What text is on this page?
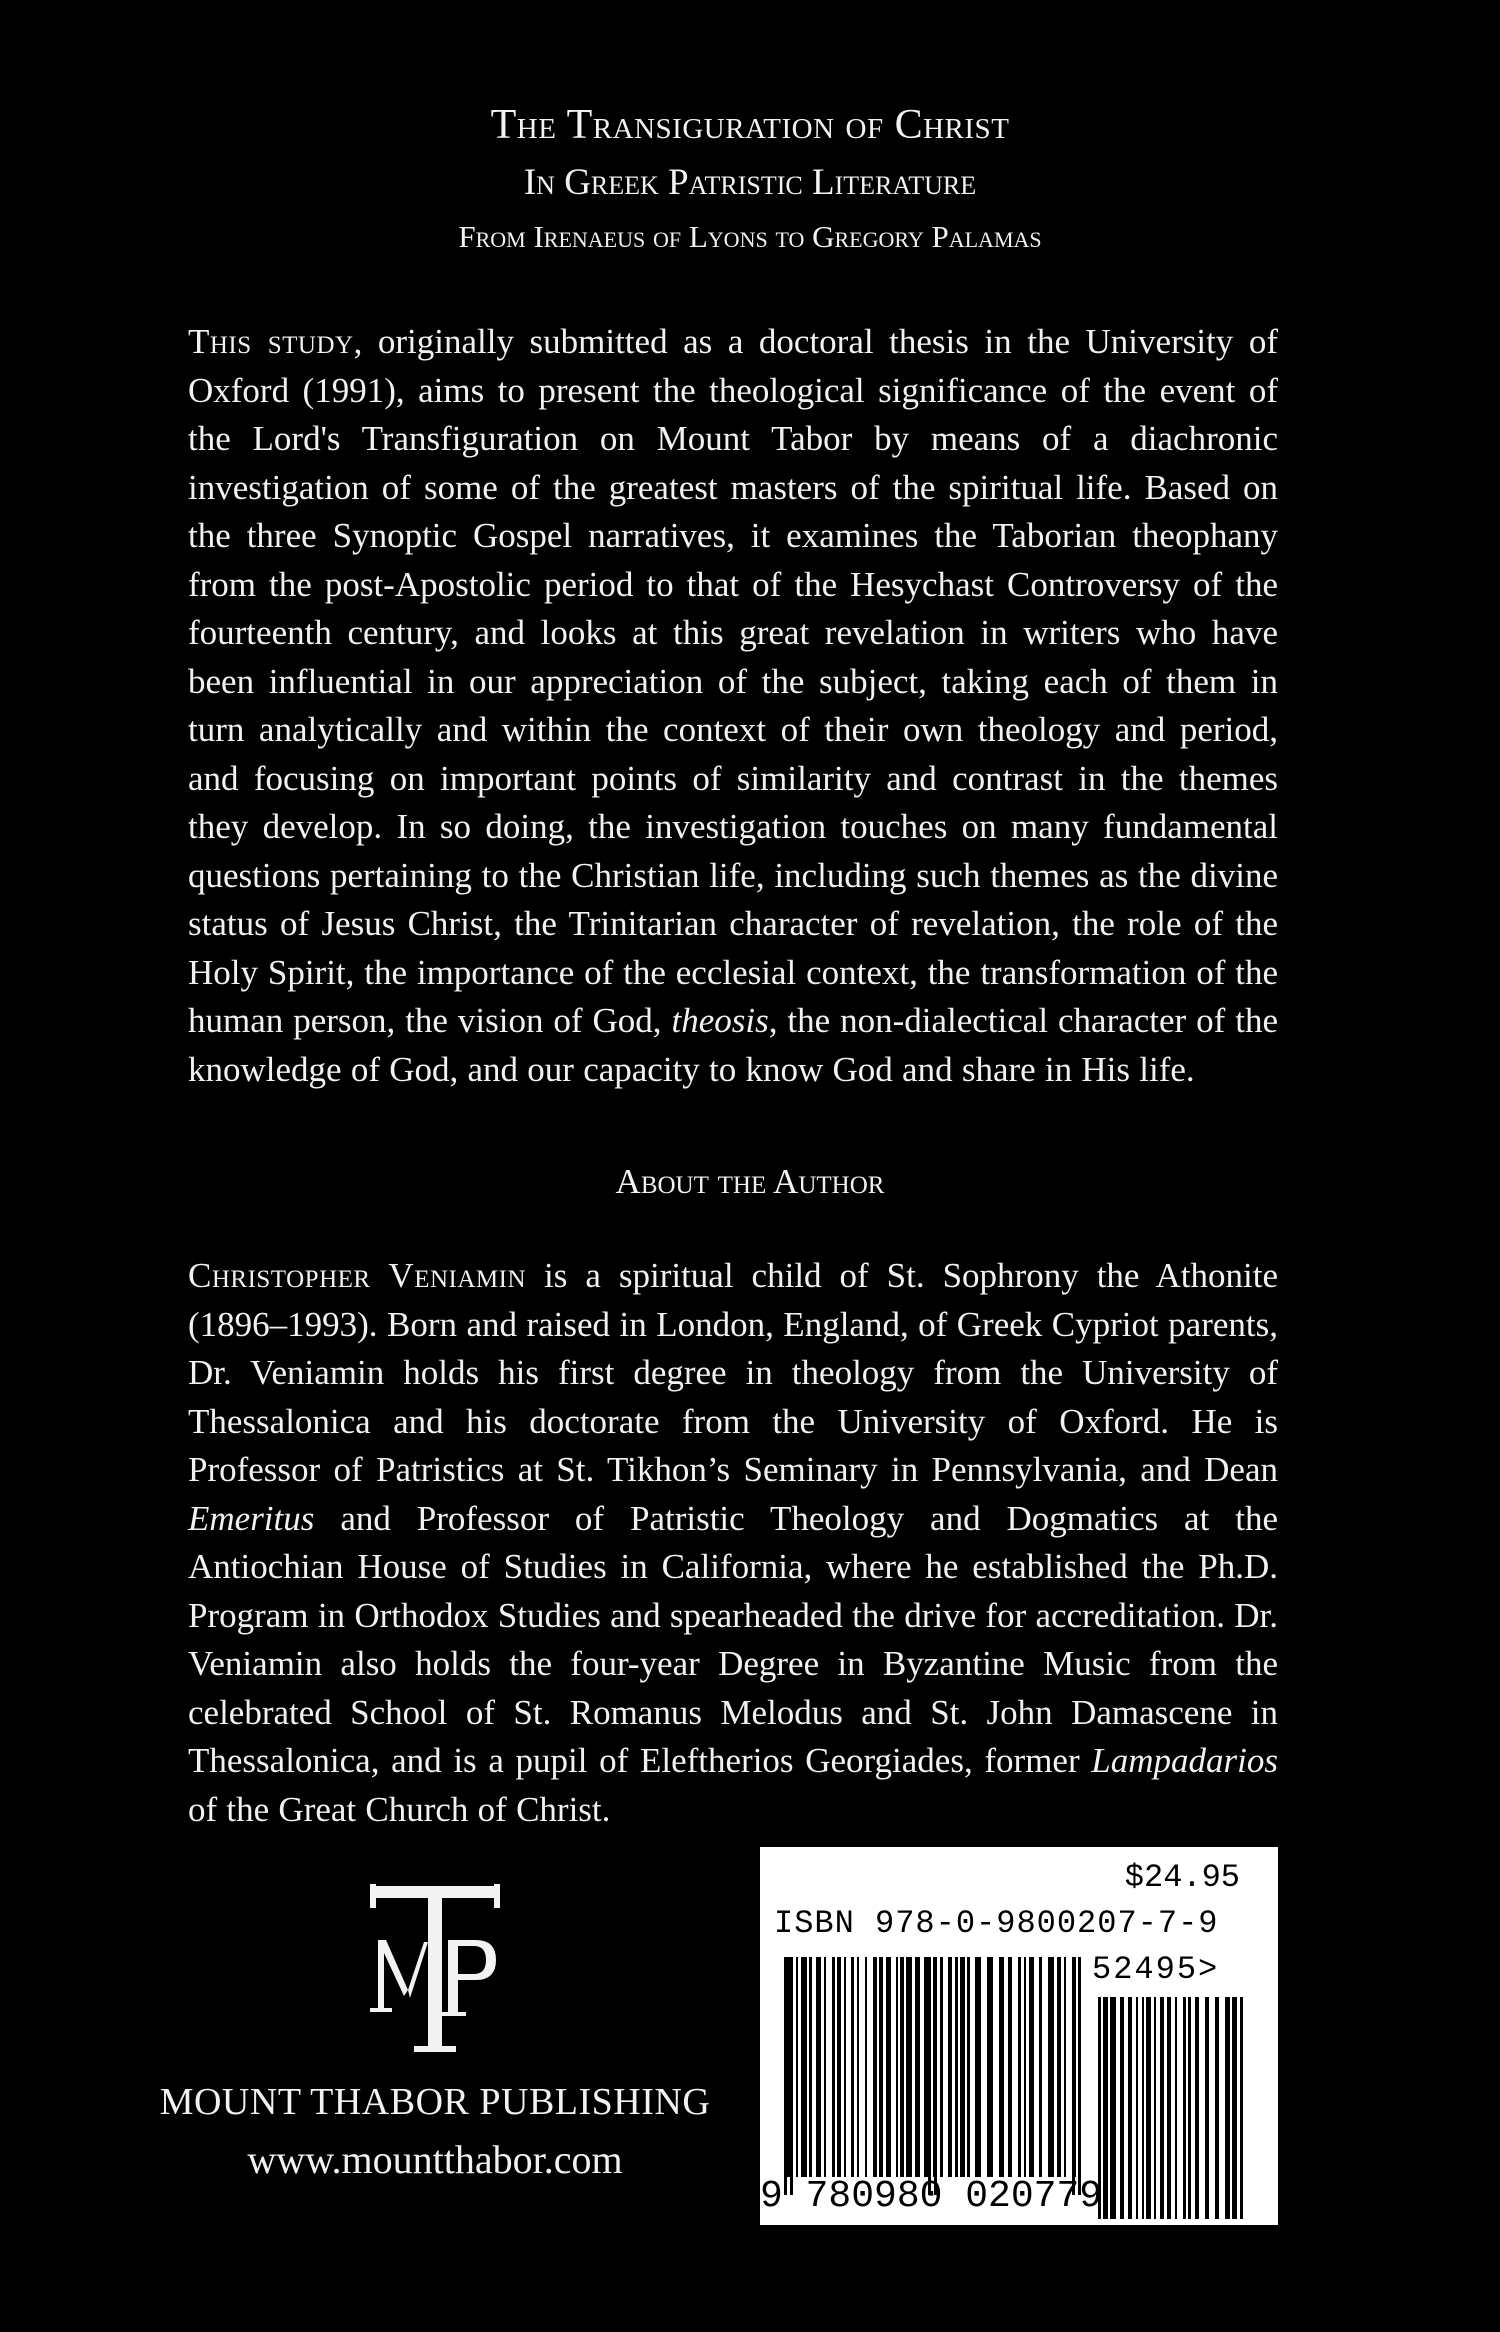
The Transiguration of Christ
In Greek Patristic Literature
From Irenaeus of Lyons to Gregory Palamas
This study, originally submitted as a doctoral thesis in the University of Oxford (1991), aims to present the theological significance of the event of the Lord's Transfiguration on Mount Tabor by means of a diachronic investigation of some of the greatest masters of the spiritual life. Based on the three Synoptic Gospel narratives, it examines the Taborian theophany from the post-Apostolic period to that of the Hesychast Controversy of the fourteenth century, and looks at this great revelation in writers who have been influential in our appreciation of the subject, taking each of them in turn analytically and within the context of their own theology and period, and focusing on important points of similarity and contrast in the themes they develop. In so doing, the investigation touches on many fundamental questions pertaining to the Christian life, including such themes as the divine status of Jesus Christ, the Trinitarian character of revelation, the role of the Holy Spirit, the importance of the ecclesial context, the transformation of the human person, the vision of God, theosis, the non-dialectical character of the knowledge of God, and our capacity to know God and share in His life.
About the Author
Christopher Veniamin is a spiritual child of St. Sophrony the Athonite (1896–1993). Born and raised in London, England, of Greek Cypriot parents, Dr. Veniamin holds his first degree in theology from the University of Thessalonica and his doctorate from the University of Oxford. He is Professor of Patristics at St. Tikhon’s Seminary in Pennsylvania, and Dean Emeritus and Professor of Patristic Theology and Dogmatics at the Antiochian House of Studies in California, where he established the Ph.D. Program in Orthodox Studies and spearheaded the drive for accreditation. Dr. Veniamin also holds the four-year Degree in Byzantine Music from the celebrated School of St. Romanus Melodus and St. John Damascene in Thessalonica, and is a pupil of Eleftherios Georgiades, former Lampadarios of the Great Church of Christ.
MOUNT THABOR PUBLISHING
www.mountthabor.com
$24.95
ISBN 978-0-9800207-7-9
52495>
9 780980 020779
